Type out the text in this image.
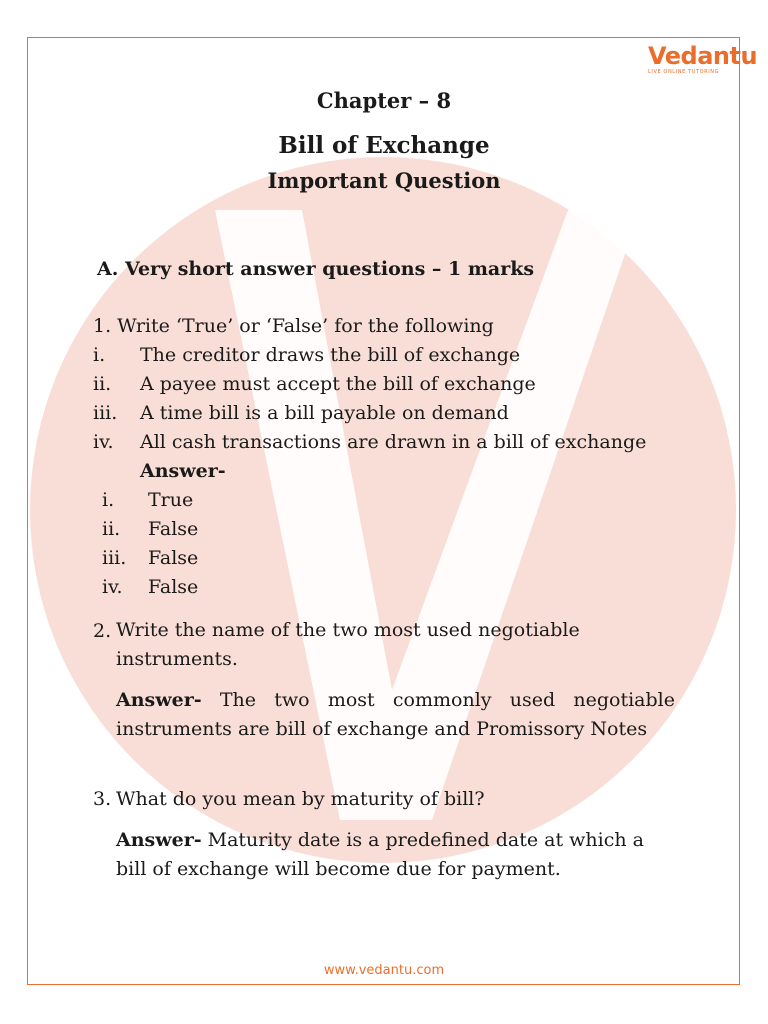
Vedantu
LIVE ONLINE TUTORING
Chapter – 8
Bill of Exchange
Important Question
A. Very short answer questions – 1 marks
1. Write ‘True’ or ‘False’ for the following
i. The creditor draws the bill of exchange
ii. A payee must accept the bill of exchange
iii. A time bill is a bill payable on demand
iv. All cash transactions are drawn in a bill of exchange
Answer-
i. True
ii. False
iii. False
iv. False
2. Write the name of the two most used negotiable instruments.
Answer- The two most commonly used negotiable instruments are bill of exchange and Promissory Notes
3. What do you mean by maturity of bill?
Answer- Maturity date is a predefined date at which a bill of exchange will become due for payment.
www.vedantu.com
